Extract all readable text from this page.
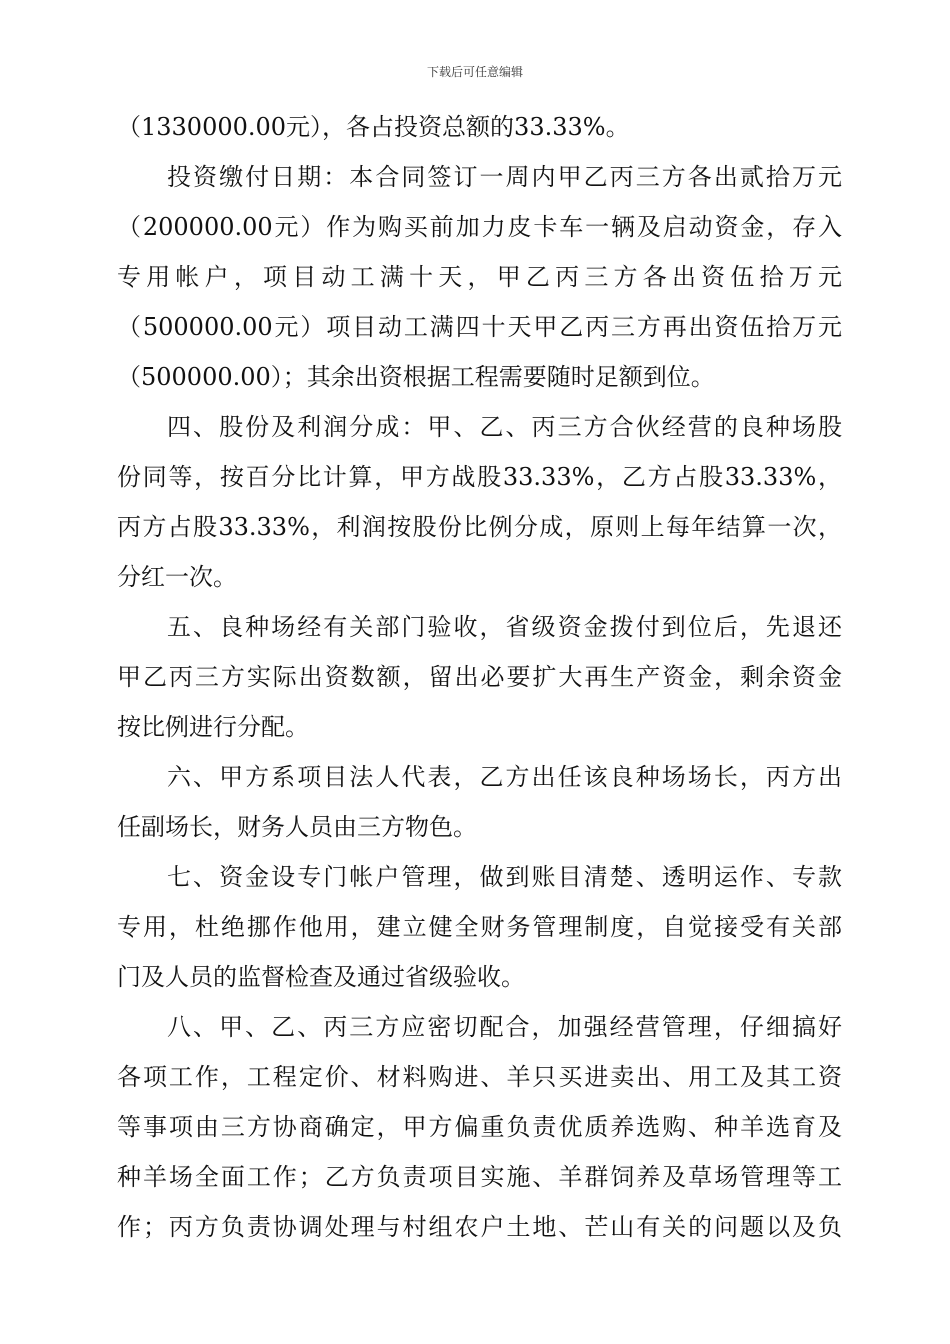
下载后可任意编辑
（1330000.00元），各占投资总额的33.33%。
投资缴付日期：本合同签订一周内甲乙丙三方各出贰拾万元
（200000.00元）作为购买前加力皮卡车一辆及启动资金，存入
专用帐户，项目动工满十天，甲乙丙三方各出资伍拾万元
（500000.00元）项目动工满四十天甲乙丙三方再出资伍拾万元
（500000.00）；其余出资根据工程需要随时足额到位。
四、股份及利润分成：甲、乙、丙三方合伙经营的良种场股
份同等，按百分比计算，甲方战股33.33%，乙方占股33.33%，
丙方占股33.33%，利润按股份比例分成，原则上每年结算一次，
分红一次。
五、良种场经有关部门验收，省级资金拨付到位后，先退还
甲乙丙三方实际出资数额，留出必要扩大再生产资金，剩余资金
按比例进行分配。
六、甲方系项目法人代表，乙方出任该良种场场长，丙方出
任副场长，财务人员由三方物色。
七、资金设专门帐户管理，做到账目清楚、透明运作、专款
专用，杜绝挪作他用，建立健全财务管理制度，自觉接受有关部
门及人员的监督检查及通过省级验收。
八、甲、乙、丙三方应密切配合，加强经营管理，仔细搞好
各项工作，工程定价、材料购进、羊只买进卖出、用工及其工资
等事项由三方协商确定，甲方偏重负责优质养选购、种羊选育及
种羊场全面工作；乙方负责项目实施、羊群饲养及草场管理等工
作；丙方负责协调处理与村组农户土地、芒山有关的问题以及负
